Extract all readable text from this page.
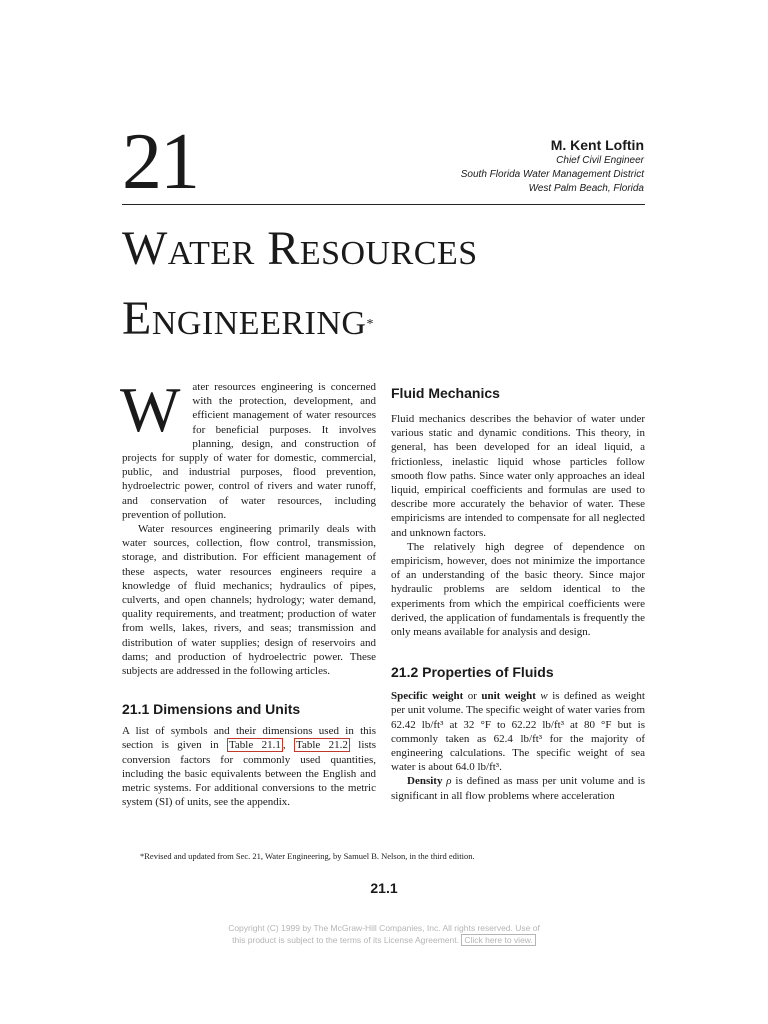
21	M. Kent Loftin
Chief Civil Engineer
South Florida Water Management District
West Palm Beach, Florida
Water Resources
Engineering*

W ater resources engineering is concerned with the protection, development, and efficient management of water resources for beneficial purposes. It involves planning, design, and construction of projects for supply of water for domestic, commercial, public, and industrial purposes, flood prevention, hydroelectric power, control of rivers and water runoff, and conservation of water resources, including prevention of pollution.

Water resources engineering primarily deals with water sources, collection, flow control, transmission, storage, and distribution. For efficient management of these aspects, water resources engineers require a knowledge of fluid mechanics; hydraulics of pipes, culverts, and open channels; hydrology; water demand, quality requirements, and treatment; production of water from wells, lakes, rivers, and seas; transmission and distribution of water supplies; design of reservoirs and dams; and production of hydroelectric power. These subjects are addressed in the following articles.

21.1 Dimensions and Units

A list of symbols and their dimensions used in this section is given in Table 21.1 , Table 21.2 lists conversion factors for commonly used quantities, including the basic equivalents between the English and metric systems. For additional conversions to the metric system (SI) of units, see the appendix.

Fluid Mechanics

Fluid mechanics describes the behavior of water under various static and dynamic conditions. This theory, in general, has been developed for an ideal liquid, a frictionless, inelastic liquid whose particles follow smooth flow paths. Since water only approaches an ideal liquid, empirical coefficients and formulas are used to describe more accurately the behavior of water. These empiricisms are intended to compensate for all neglected and unknown factors.

The relatively high degree of dependence on empiricism, however, does not minimize the importance of an understanding of the basic theory. Since major hydraulic problems are seldom identical to the experiments from which the empirical coefficients were derived, the application of fundamentals is frequently the only means available for analysis and design.

21.2 Properties of Fluids

Specific weight or unit weight w is defined as weight per unit volume. The specific weight of water varies from 62.42 lb/ft³ at 32 °F to 62.22 lb/ft³ at 80 °F but is commonly taken as 62.4 lb/ft³ for the majority of engineering calculations. The specific weight of sea water is about 64.0 lb/ft³.

Density ρ is defined as mass per unit volume and is significant in all flow problems where acceleration

*Revised and updated from Sec. 21, Water Engineering, by Samuel B. Nelson, in the third edition.
21.1
Copyright (C) 1999 by The McGraw-Hill Companies, Inc. All rights reserved. Use of
this product is subject to the terms of its License Agreement. Click here to view.
